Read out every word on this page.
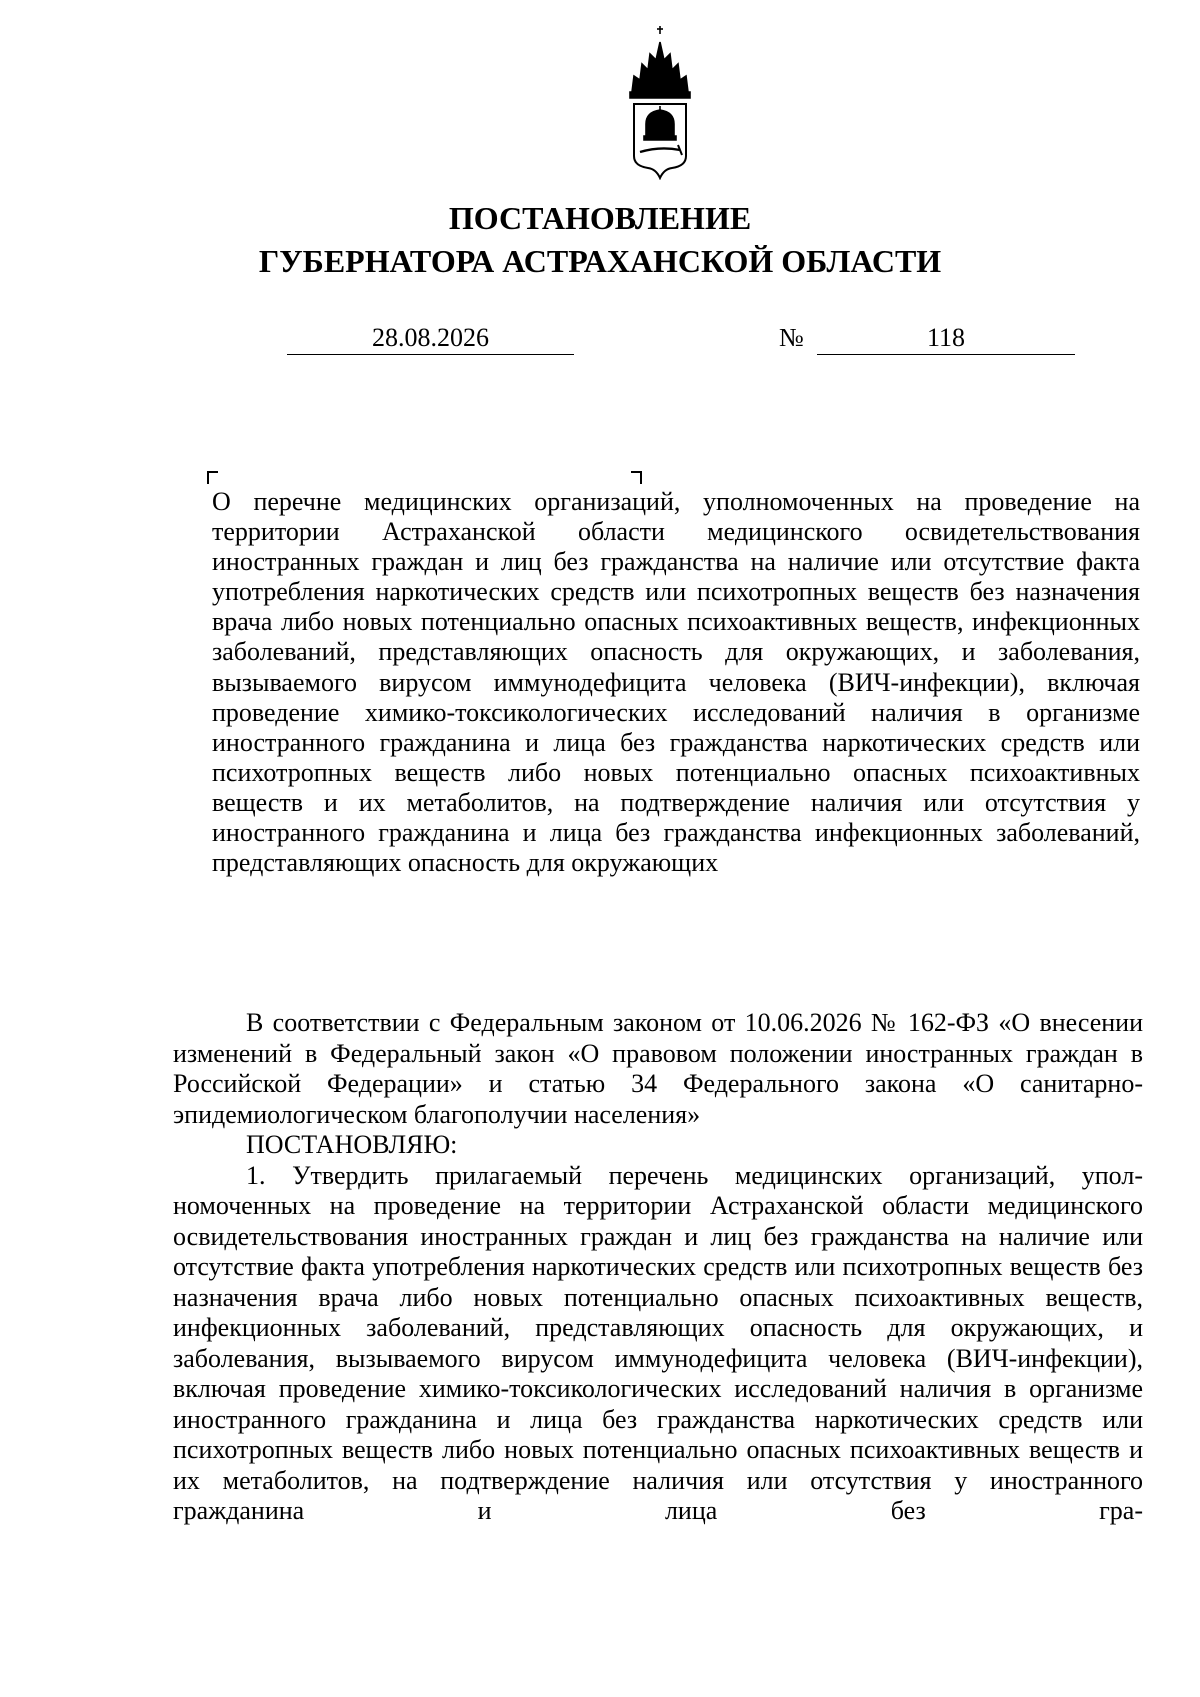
ПОСТАНОВЛЕНИЕ
ГУБЕРНАТОРА АСТРАХАНСКОЙ ОБЛАСТИ
28.08.2026	№	118
О перечне медицинских организаций, уполномоченных на проведение на территории Астраханской области медицинского освидетельствования иностранных граждан и лиц без гражданства на наличие или отсутствие факта употребления наркотических средств или психотропных веществ без назначения врача либо новых потенциально опасных психоактивных веществ, инфекционных заболеваний, представляющих опасность для окружающих, и заболевания, вызываемого вирусом иммунодефицита человека (ВИЧ-инфекции), включая проведение химико-токсикологических исследований наличия в организме иностранного гражданина и лица без гражданства наркотических средств или психотропных веществ либо новых потенциально опасных психоактивных веществ и их метаболитов, на подтверждение наличия или отсутствия у иностранного гражданина и лица без гражданства инфекционных заболеваний, представляющих опасность для окружающих

В соответствии с Федеральным законом от 10.06.2026 № 162-ФЗ «О внесении изменений в Федеральный закон «О правовом положении иностранных граждан в Российской Федерации» и статью 34 Федерального закона «О санитарно-эпидемиологическом благополучии населения»

ПОСТАНОВЛЯЮ:

1. Утвердить прилагаемый перечень медицинских организаций, уполномоченных на проведение на территории Астраханской области медицинского освидетельствования иностранных граждан и лиц без гражданства на наличие или отсутствие факта употребления наркотических средств или психотропных веществ без назначения врача либо новых потенциально опасных психоактивных веществ, инфекционных заболеваний, представляющих опасность для окружающих, и заболевания, вызываемого вирусом иммунодефицита человека (ВИЧ-инфекции), включая проведение химико-токсикологических исследований наличия в организме иностранного гражданина и лица без гражданства наркотических средств или психотропных веществ либо новых потенциально опасных психоактивных веществ и их метаболитов, на подтверждение наличия или отсутствия у иностранного гражданина и лица без гра-
